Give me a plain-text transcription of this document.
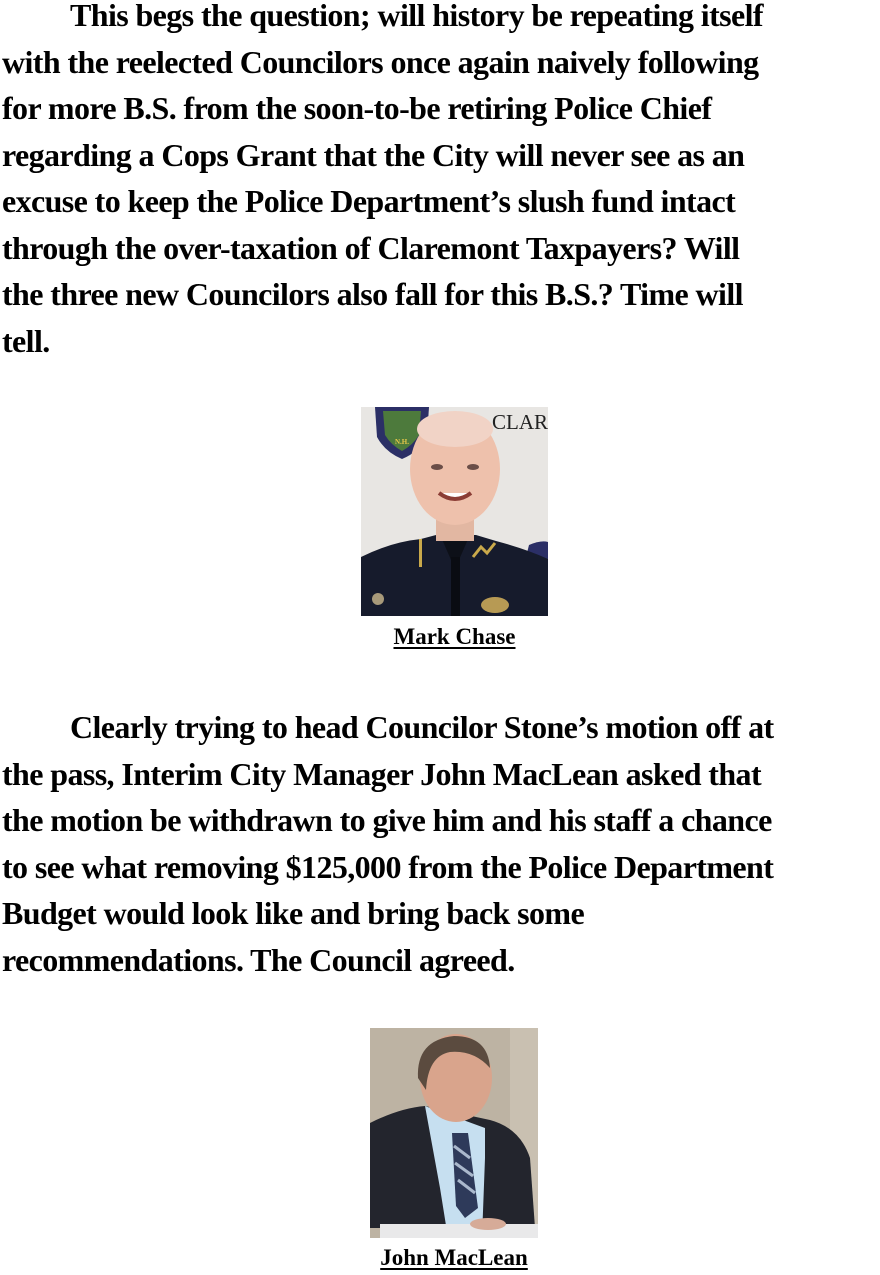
This begs the question; will history be repeating itself
with the reelected Councilors once again naively following
for more B.S. from the soon-to-be retiring Police Chief
regarding a Cops Grant that the City will never see as an
excuse to keep the Police Department’s slush fund intact
through the over-taxation of Claremont Taxpayers? Will
the three new Councilors also fall for this B.S.? Time will
tell.
N.H.
CLAR
Mark Chase
Clearly trying to head Councilor Stone’s motion off at
the pass, Interim City Manager John MacLean asked that
the motion be withdrawn to give him and his staff a chance
to see what removing $125,000 from the Police Department
Budget would look like and bring back some
recommendations. The Council agreed.
John MacLean
